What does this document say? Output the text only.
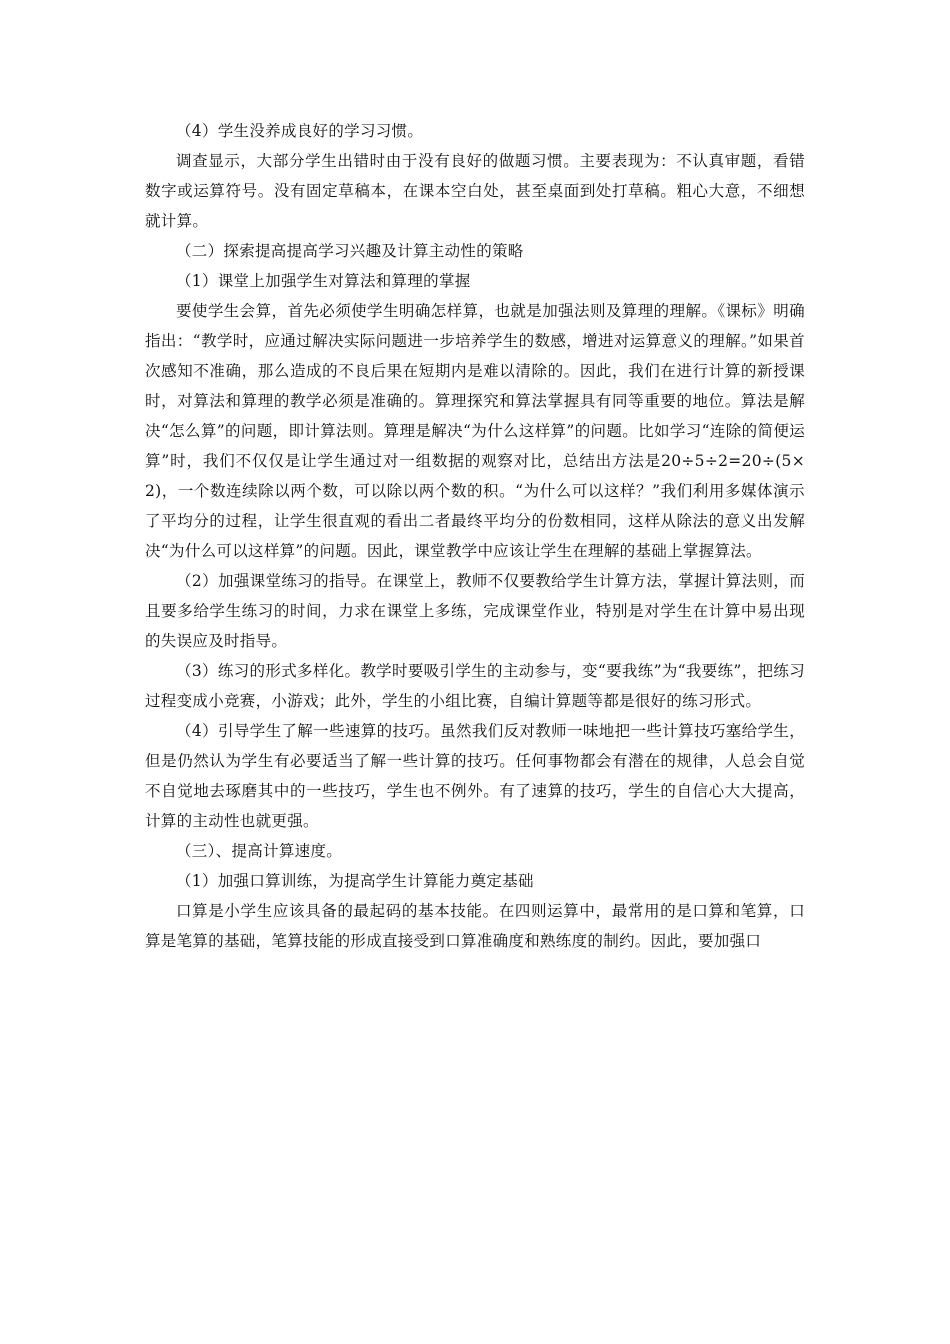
（4）学生没养成良好的学习习惯。

调查显示，大部分学生出错时由于没有良好的做题习惯。主要表现为：不认真审题，看错数字或运算符号。没有固定草稿本，在课本空白处，甚至桌面到处打草稿。粗心大意，不细想就计算。

（二）探索提高提高学习兴趣及计算主动性的策略

（1）课堂上加强学生对算法和算理的掌握

要使学生会算，首先必须使学生明确怎样算，也就是加强法则及算理的理解。《课标》明确指出：“教学时，应通过解决实际问题进一步培养学生的数感，增进对运算意义的理解。”如果首次感知不准确，那么造成的不良后果在短期内是难以清除的。因此，我们在进行计算的新授课时，对算法和算理的教学必须是准确的。算理探究和算法掌握具有同等重要的地位。算法是解决“怎么算”的问题，即计算法则。算理是解决“为什么这样算”的问题。比如学习“连除的简便运算”时，我们不仅仅是让学生通过对一组数据的观察对比，总结出方法是20÷5÷2=20÷(5×2)，一个数连续除以两个数，可以除以两个数的积。“为什么可以这样？”我们利用多媒体演示了平均分的过程，让学生很直观的看出二者最终平均分的份数相同，这样从除法的意义出发解决“为什么可以这样算”的问题。因此，课堂教学中应该让学生在理解的基础上掌握算法。

（2）加强课堂练习的指导。在课堂上，教师不仅要教给学生计算方法，掌握计算法则，而且要多给学生练习的时间，力求在课堂上多练，完成课堂作业，特别是对学生在计算中易出现的失误应及时指导。

（3）练习的形式多样化。教学时要吸引学生的主动参与，变“要我练”为“我要练”，把练习过程变成小竞赛，小游戏；此外，学生的小组比赛，自编计算题等都是很好的练习形式。

（4）引导学生了解一些速算的技巧。虽然我们反对教师一味地把一些计算技巧塞给学生，但是仍然认为学生有必要适当了解一些计算的技巧。任何事物都会有潜在的规律，人总会自觉不自觉地去琢磨其中的一些技巧，学生也不例外。有了速算的技巧，学生的自信心大大提高，计算的主动性也就更强。

（三）、提高计算速度。

（1）加强口算训练，为提高学生计算能力奠定基础

口算是小学生应该具备的最起码的基本技能。在四则运算中，最常用的是口算和笔算，口算是笔算的基础，笔算技能的形成直接受到口算准确度和熟练度的制约。因此，要加强口
